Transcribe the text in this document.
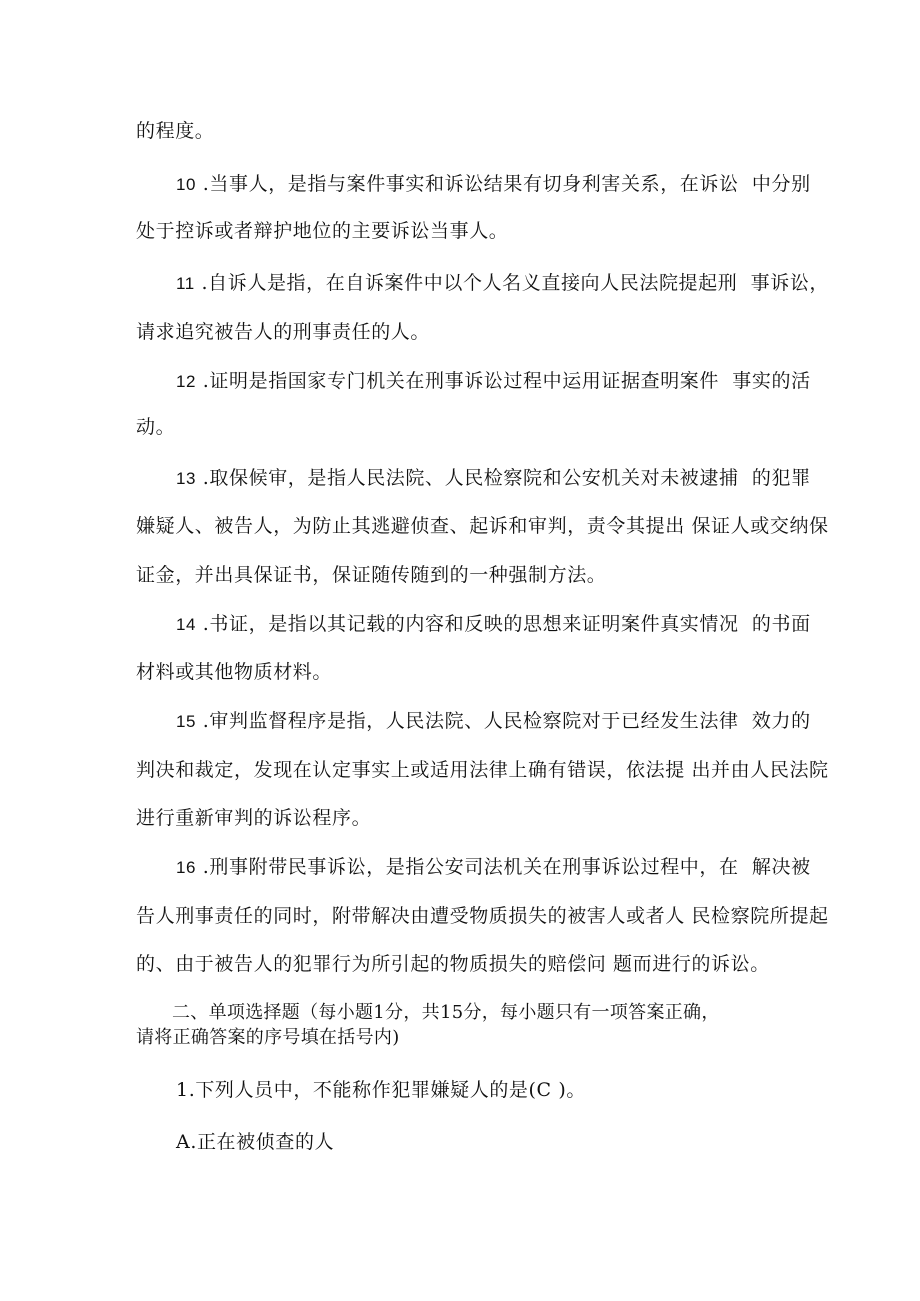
的程度。
10 .当事人，是指与案件事实和诉讼结果有切身利害关系，在诉讼  中分别
处于控诉或者辩护地位的主要诉讼当事人。
11 .自诉人是指，在自诉案件中以个人名义直接向人民法院提起刑  事诉讼，
请求追究被告人的刑事责任的人。
12 .证明是指国家专门机关在刑事诉讼过程中运用证据查明案件  事实的活
动。
13 .取保候审，是指人民法院、人民检察院和公安机关对未被逮捕  的犯罪
嫌疑人、被告人，为防止其逃避侦查、起诉和审判，责令其提出 保证人或交纳保
证金，并出具保证书，保证随传随到的一种强制方法。
14 .书证，是指以其记载的内容和反映的思想来证明案件真实情况  的书面
材料或其他物质材料。
15 .审判监督程序是指，人民法院、人民检察院对于已经发生法律  效力的
判决和裁定，发现在认定事实上或适用法律上确有错误，依法提 出并由人民法院
进行重新审判的诉讼程序。
16 .刑事附带民事诉讼，是指公安司法机关在刑事诉讼过程中，在  解决被
告人刑事责任的同时，附带解决由遭受物质损失的被害人或者人 民检察院所提起
的、由于被告人的犯罪行为所引起的物质损失的赔偿问 题而进行的诉讼。
二、单项选择题（每小题1分，共15分，每小题只有一项答案正确，
请将正确答案的序号填在括号内)
1.下列人员中，不能称作犯罪嫌疑人的是(C )。
A.正在被侦查的人
